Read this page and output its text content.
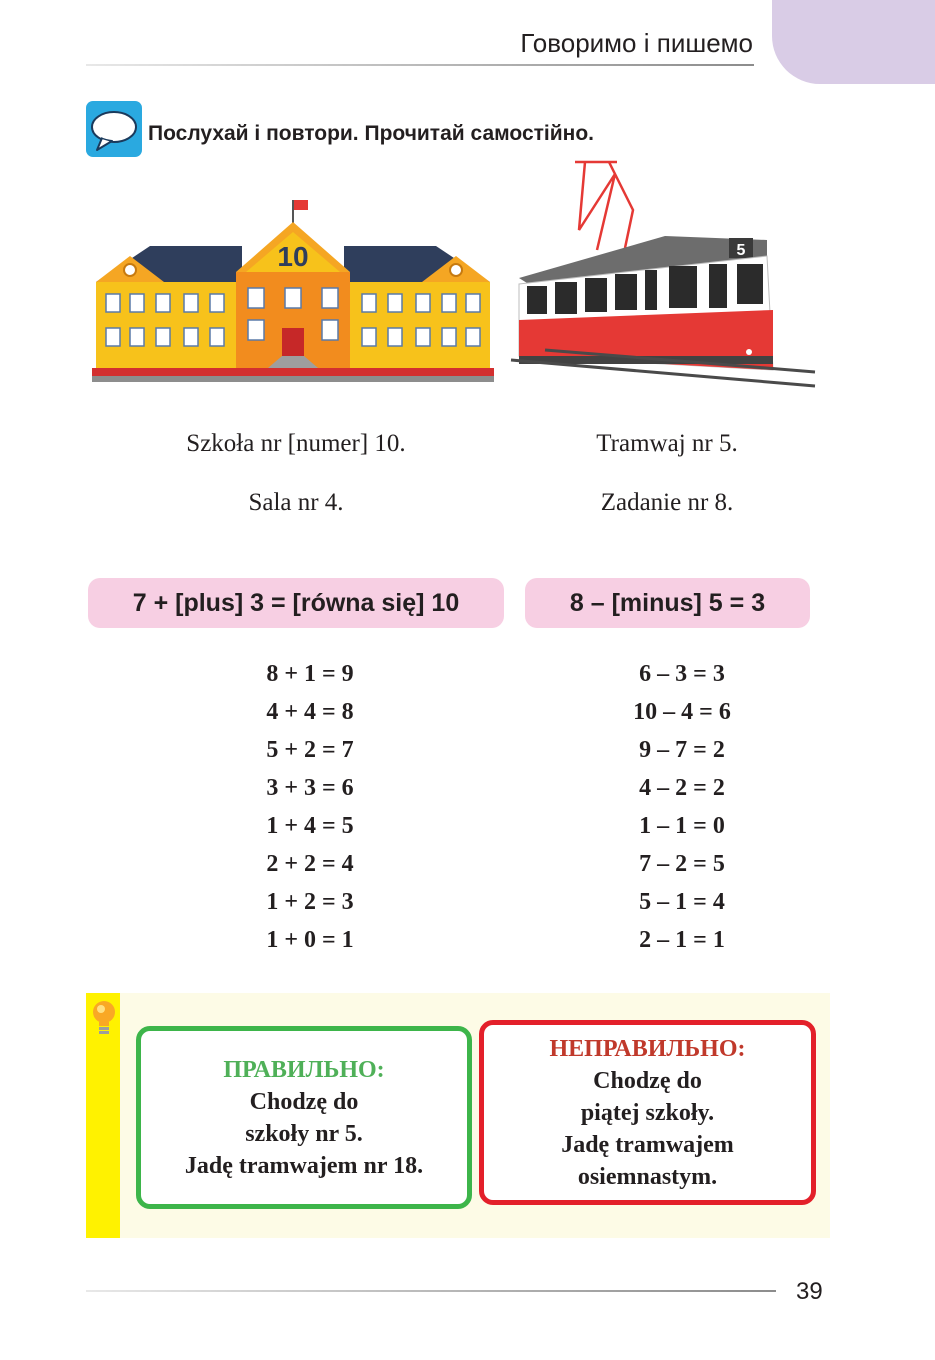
Говоримо і пишемо
Послухай і повтори. Прочитай самостійно.
10	5
Szkoła nr [numer] 10.
Sala nr 4.
Tramwaj nr 5.
Zadanie nr 8.
7 + [plus] 3 = [równa się] 10	8 – [minus] 5 = 3
8 + 1 = 9
4 + 4 = 8
5 + 2 = 7
3 + 3 = 6
1 + 4 = 5
2 + 2 = 4
1 + 2 = 3
1 + 0 = 1
6 – 3 = 3
10 – 4 = 6
9 – 7 = 2
4 – 2 = 2
1 – 1 = 0
7 – 2 = 5
5 – 1 = 4
2 – 1 = 1
ПРАВИЛЬНО:
Chodzę do
szkoły nr 5.
Jadę tramwajem nr 18.
НЕПРАВИЛЬНО:
Chodzę do
piątej szkoły.
Jadę tramwajem
osiemnastym.
39
